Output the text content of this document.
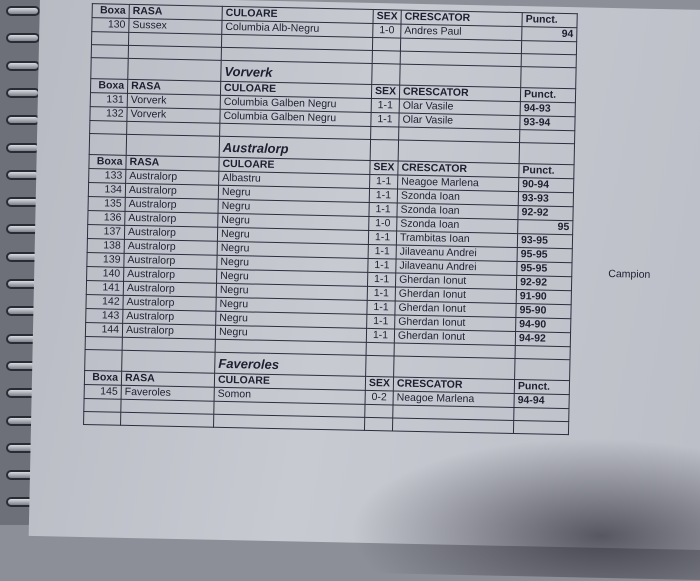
Boxa	RASA	CULOARE	SEX	CRESCATOR	Punct.
130	Sussex	Columbia Alb-Negru	1-0	Andres Paul	94

		Vorverk			
Boxa	RASA	CULOARE	SEX	CRESCATOR	Punct.
131	Vorverk	Columbia Galben Negru	1-1	Olar Vasile	94-93
132	Vorverk	Columbia Galben Negru	1-1	Olar Vasile	93-94

		Australorp			
Boxa	RASA	CULOARE	SEX	CRESCATOR	Punct.
133	Australorp	Albastru	1-1	Neagoe Marlena	90-94
134	Australorp	Negru	1-1	Szonda Ioan	93-93
135	Australorp	Negru	1-1	Szonda Ioan	92-92
136	Australorp	Negru	1-0	Szonda Ioan	95
137	Australorp	Negru	1-1	Trambitas Ioan	93-95
138	Australorp	Negru	1-1	Jilaveanu Andrei	95-95
139	Australorp	Negru	1-1	Jilaveanu Andrei	95-95
140	Australorp	Negru	1-1	Gherdan Ionut	92-92
141	Australorp	Negru	1-1	Gherdan Ionut	91-90
142	Australorp	Negru	1-1	Gherdan Ionut	95-90
143	Australorp	Negru	1-1	Gherdan Ionut	94-90
144	Australorp	Negru	1-1	Gherdan Ionut	94-92

		Faveroles			
Boxa	RASA	CULOARE	SEX	CRESCATOR	Punct.
145	Faveroles	Somon	0-2	Neagoe Marlena	94-94

Campion
